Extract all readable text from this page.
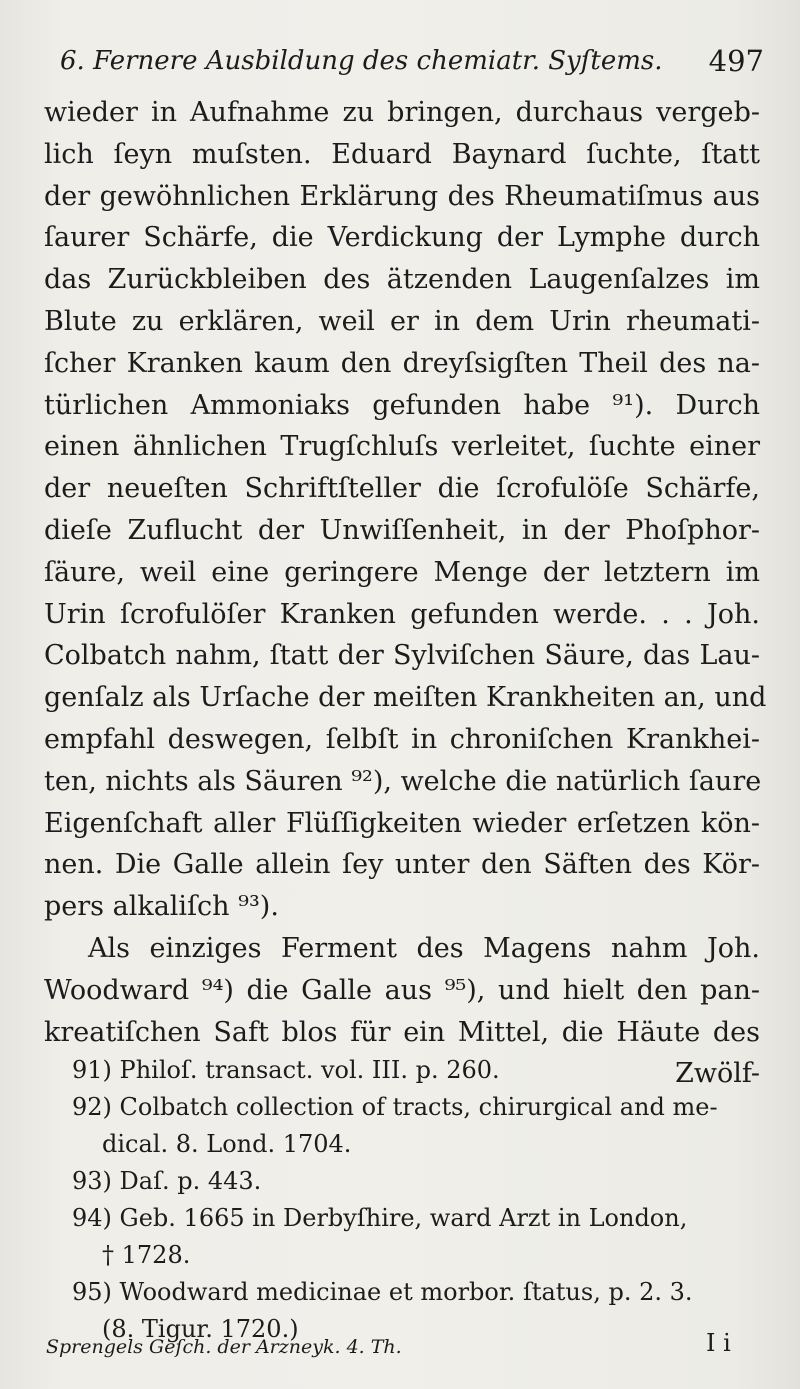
6. Fernere Ausbildung des chemiatr. Syſtems. 497
wieder in Aufnahme zu bringen, durchaus vergeb-
lich ſeyn muſsten. Eduard Baynard ſuchte, ſtatt
der gewöhnlichen Erklärung des Rheumatiſmus aus
ſaurer Schärfe, die Verdickung der Lymphe durch
das Zurückbleiben des ätzenden Laugenſalzes im
Blute zu erklären, weil er in dem Urin rheumati-
ſcher Kranken kaum den dreyſsigſten Theil des na-
türlichen Ammoniaks gefunden habe ⁹¹). Durch
einen ähnlichen Trugſchluſs verleitet, ſuchte einer
der neueſten Schriftſteller die ſcrofulöſe Schärfe,
dieſe Zuflucht der Unwiſſenheit, in der Phoſphor-
ſäure, weil eine geringere Menge der letztern im
Urin ſcrofulöſer Kranken gefunden werde. . . Joh.
Colbatch nahm, ſtatt der Sylviſchen Säure, das Lau-
genſalz als Urſache der meiſten Krankheiten an, und
empfahl deswegen, ſelbſt in chroniſchen Krankhei-
ten, nichts als Säuren ⁹²), welche die natürlich ſaure
Eigenſchaft aller Flüſſigkeiten wieder erſetzen kön-
nen. Die Galle allein ſey unter den Säften des Kör-
pers alkaliſch ⁹³).
Als einziges Ferment des Magens nahm Joh.
Woodward ⁹⁴) die Galle aus ⁹⁵), und hielt den pan-
kreatiſchen Saft blos für ein Mittel, die Häute des
Zwölf-
91) Philoſ. transact. vol. III. p. 260.
92) Colbatch collection of tracts, chirurgical and me-
dical. 8. Lond. 1704.
93) Daſ. p. 443.
94) Geb. 1665 in Derbyſhire, ward Arzt in London,
† 1728.
95) Woodward medicinae et morbor. ſtatus, p. 2. 3.
(8. Tigur. 1720.)
Sprengels Geſch. der Arzneyk. 4. Th.	I i
